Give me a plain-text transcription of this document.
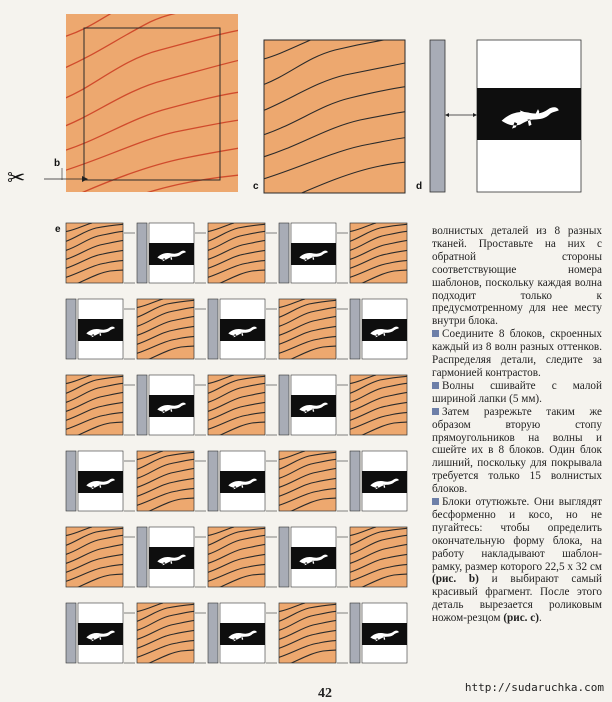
✂
b
c	d
e	волнистых деталей из 8 разных тканей. Проставьте на них с обратной стороны соответствующие номера шаблонов, поскольку каждая волна подходит только к предусмотренному для нее месту внутри блока.

Соедините 8 блоков, скроенных каждый из 8 волн разных оттенков. Распределяя детали, следите за гармонией контрастов.

Волны сшивайте с малой шириной лапки (5 мм).

Затем разрежьте таким же образом вторую стопу прямоугольников на волны и сшейте их в 8 блоков. Один блок лишний, поскольку для покрывала требуется только 15 волнистых блоков.

Блоки отутюжьте. Они выглядят бесформенно и косо, но не пугайтесь: чтобы определить окончательную форму блока, на работу накладывают шаблон-рамку, размер которого 22,5 х 32 см (рис. b) и выбирают самый красивый фрагмент. После этого деталь вырезается роликовым ножом-резцом (рис. c).

42	http://sudaruchka.com
